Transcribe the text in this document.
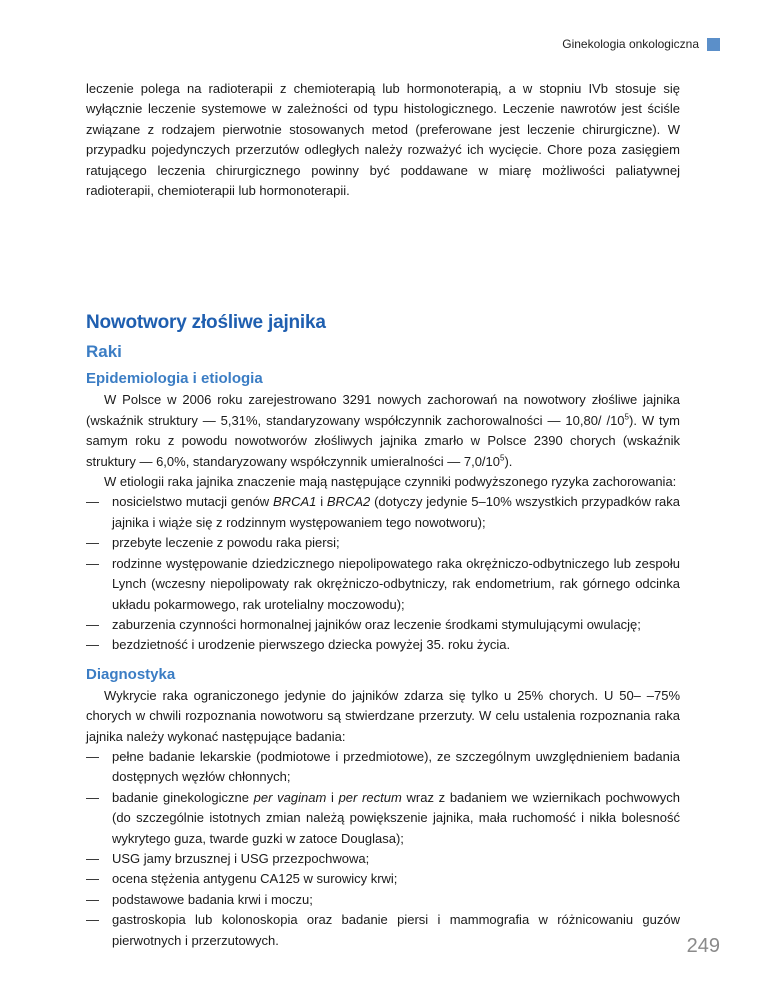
Ginekologia onkologiczna

leczenie polega na radioterapii z chemioterapią lub hormonoterapią, a w stopniu IVb stosuje się wyłącznie leczenie systemowe w zależności od typu histologicznego. Leczenie nawrotów jest ściśle związane z rodzajem pierwotnie stosowanych metod (preferowane jest leczenie chirurgiczne). W przypadku pojedynczych przerzutów odległych należy rozważyć ich wycięcie. Chore poza zasięgiem ratującego leczenia chirurgicznego powinny być poddawane w miarę możliwości paliatywnej radioterapii, chemioterapii lub hormonoterapii.

Nowotwory złośliwe jajnika
Raki
Epidemiologia i etiologia

W Polsce w 2006 roku zarejestrowano 3291 nowych zachorowań na nowotwory złośliwe jajnika (wskaźnik struktury — 5,31%, standaryzowany współczynnik zachorowalności — 10,80/ $/10^5$). W tym samym roku z powodu nowotworów złośliwych jajnika zmarło w Polsce 2390 chorych (wskaźnik struktury — 6,0%, standaryzowany współczynnik umieralności — $7,0/10^5$).

W etiologii raka jajnika znaczenie mają następujące czynniki podwyższonego ryzyka zachorowania:

— nosicielstwo mutacji genów BRCA1 i BRCA2 (dotyczy jedynie 5–10% wszystkich przypadków raka jajnika i wiąże się z rodzinnym występowaniem tego nowotworu);
— przebyte leczenie z powodu raka piersi;
— rodzinne występowanie dziedzicznego niepolipowatego raka okrężniczo-odbytniczego lub zespołu Lynch (wczesny niepolipowaty rak okrężniczo-odbytniczy, rak endometrium, rak górnego odcinka układu pokarmowego, rak urotelialny moczowodu);
— zaburzenia czynności hormonalnej jajników oraz leczenie środkami stymulującymi owulację;
— bezdzietność i urodzenie pierwszego dziecka powyżej 35. roku życia.
Diagnostyka

Wykrycie raka ograniczonego jedynie do jajników zdarza się tylko u 25% chorych. U 50– –75% chorych w chwili rozpoznania nowotworu są stwierdzane przerzuty. W celu ustalenia rozpoznania raka jajnika należy wykonać następujące badania:

— pełne badanie lekarskie (podmiotowe i przedmiotowe), ze szczególnym uwzględnieniem badania dostępnych węzłów chłonnych;
— badanie ginekologiczne per vaginam i per rectum wraz z badaniem we wziernikach pochwowych (do szczególnie istotnych zmian należą powiększenie jajnika, mała ruchomość i nikła bolesność wykrytego guza, twarde guzki w zatoce Douglasa);
— USG jamy brzusznej i USG przezpochwowa;
— ocena stężenia antygenu CA125 w surowicy krwi;
— podstawowe badania krwi i moczu;
— gastroskopia lub kolonoskopia oraz badanie piersi i mammografia w różnicowaniu guzów pierwotnych i przerzutowych.	249
